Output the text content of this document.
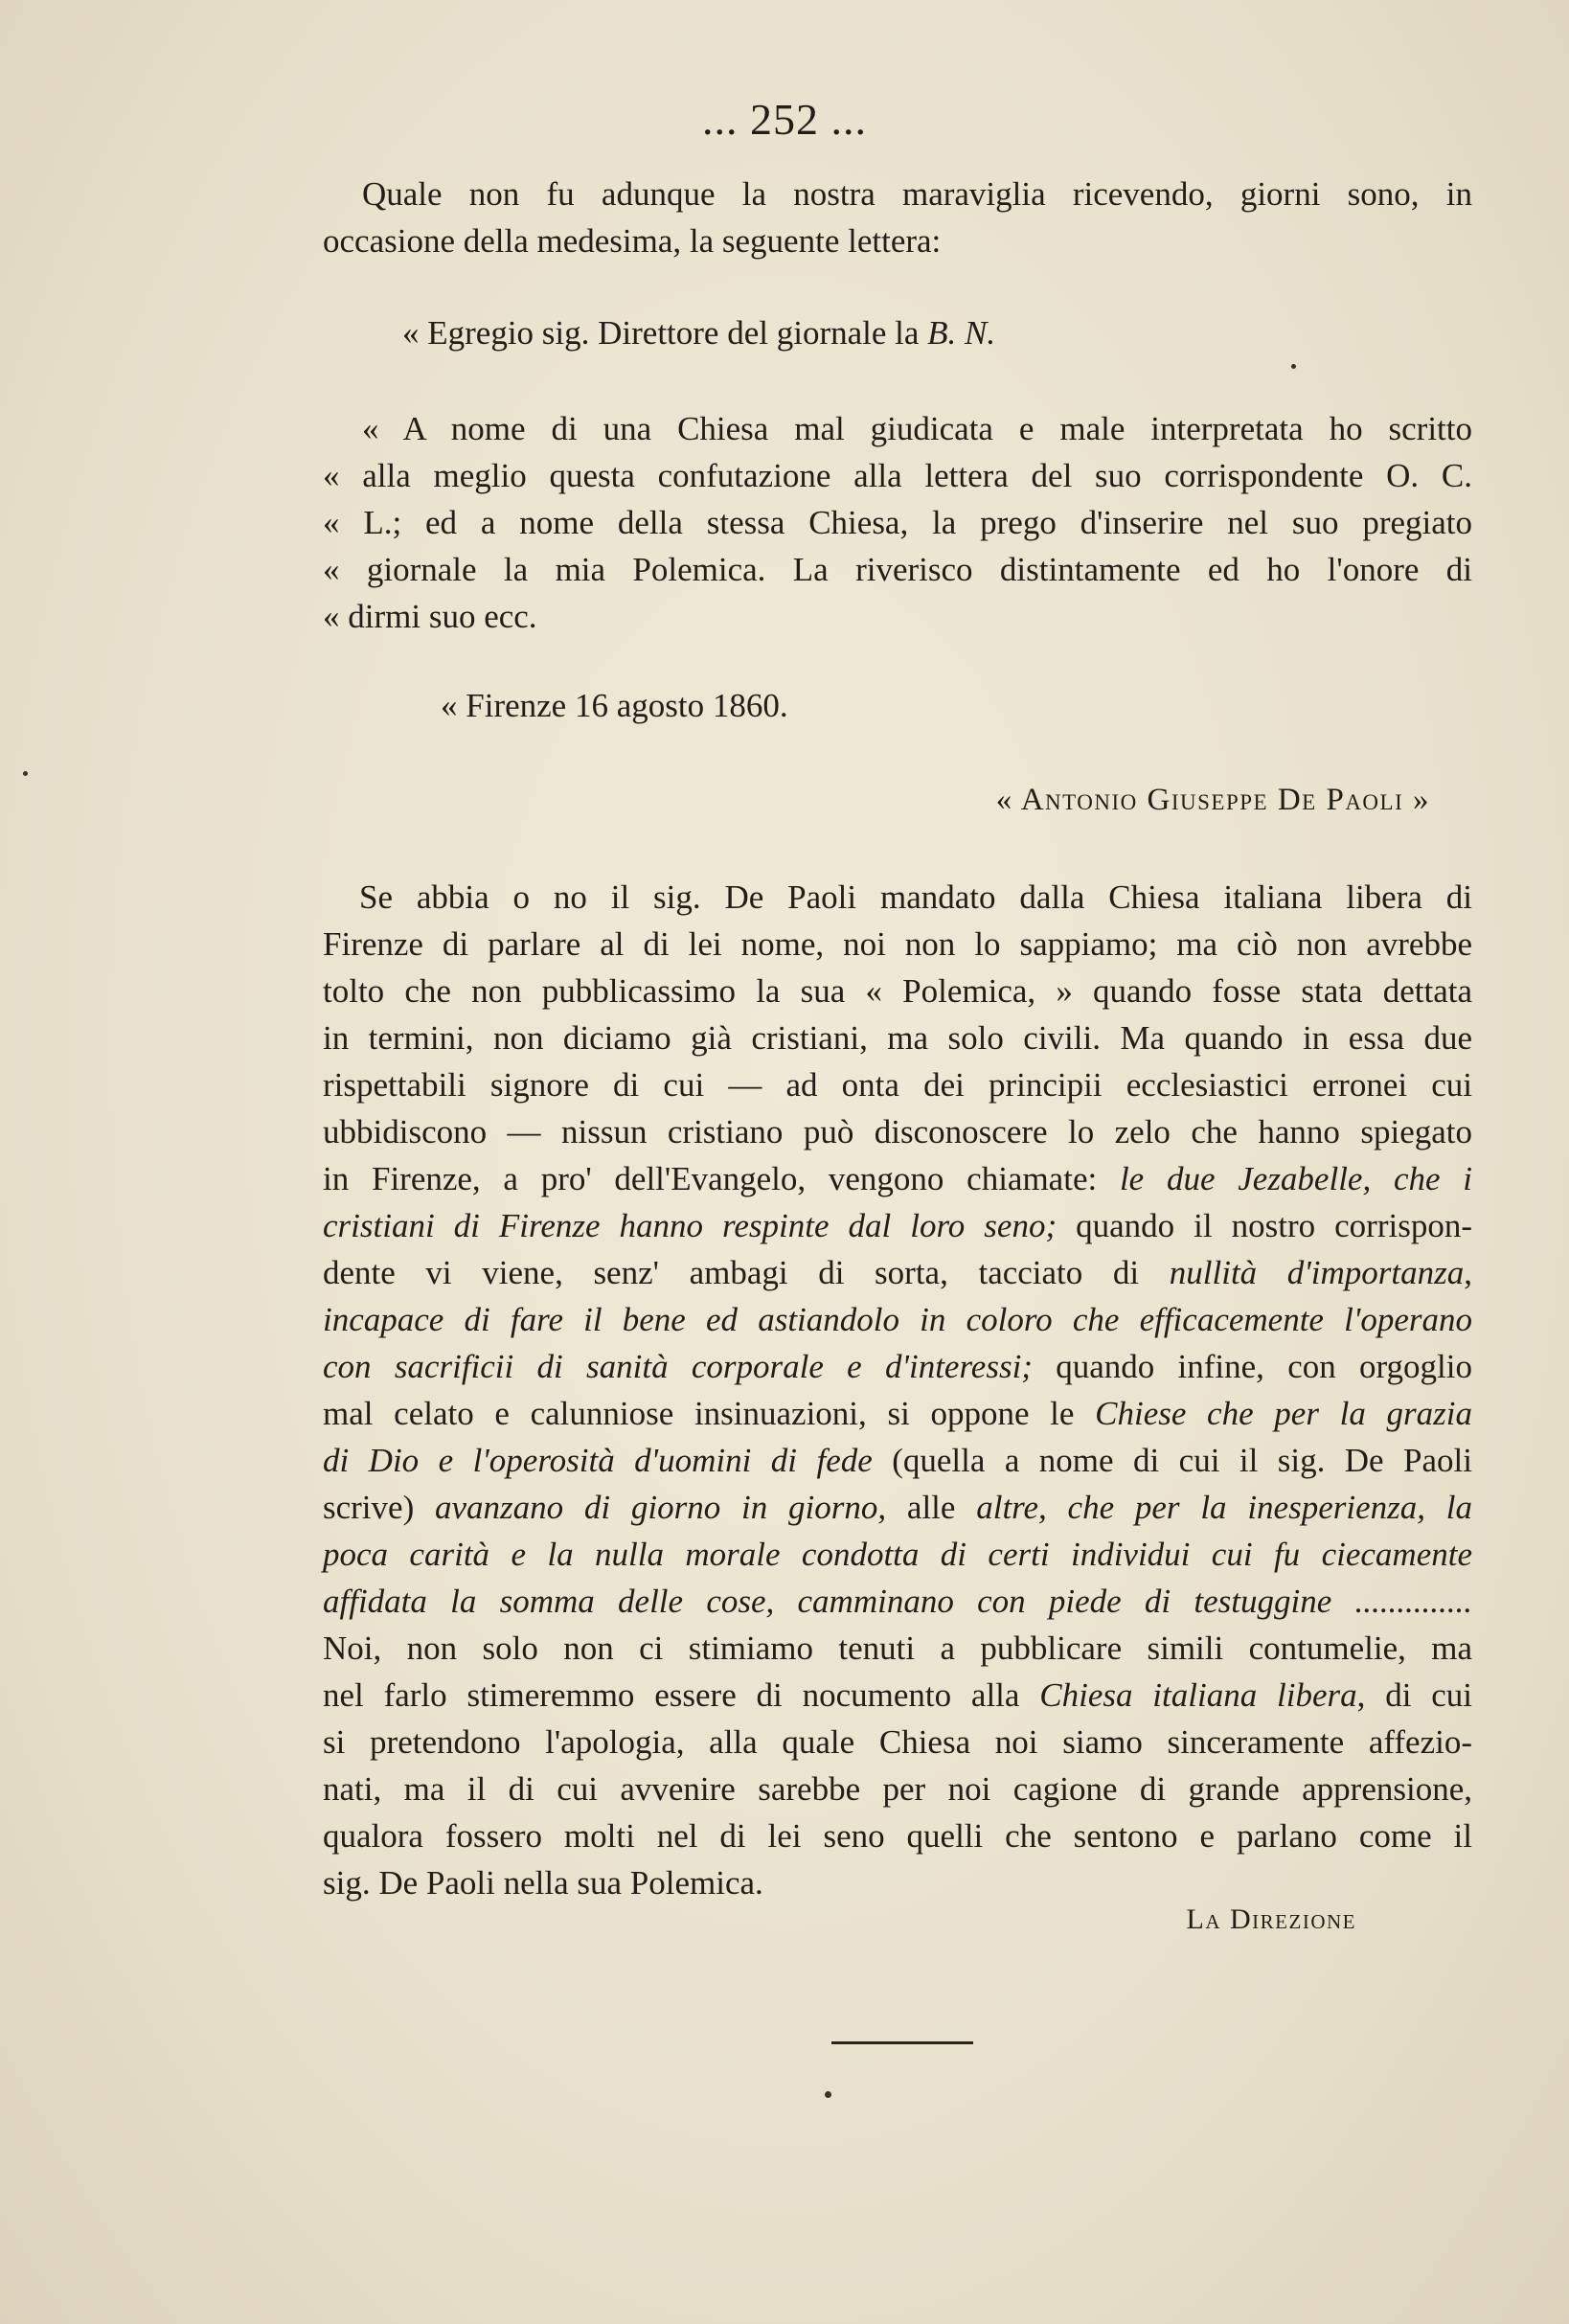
... 252 ...
Quale non fu adunque la nostra maraviglia ricevendo, giorni sono, in
occasione della medesima, la seguente lettera:
« Egregio sig. Direttore del giornale la B. N.
« A nome di una Chiesa mal giudicata e male interpretata ho scritto
« alla meglio questa confutazione alla lettera del suo corrispondente O. C.
« L.; ed a nome della stessa Chiesa, la prego d'inserire nel suo pregiato
« giornale la mia Polemica. La riverisco distintamente ed ho l'onore di
« dirmi suo ecc.
« Firenze 16 agosto 1860.
« Antonio Giuseppe De Paoli »
Se abbia o no il sig. De Paoli mandato dalla Chiesa italiana libera di
Firenze di parlare al di lei nome, noi non lo sappiamo; ma ciò non avrebbe
tolto che non pubblicassimo la sua « Polemica, » quando fosse stata dettata
in termini, non diciamo già cristiani, ma solo civili. Ma quando in essa due
rispettabili signore di cui — ad onta dei principii ecclesiastici erronei cui
ubbidiscono — nissun cristiano può disconoscere lo zelo che hanno spiegato
in Firenze, a pro' dell'Evangelo, vengono chiamate: le due Jezabelle, che i
cristiani di Firenze hanno respinte dal loro seno; quando il nostro corrispon-
dente vi viene, senz' ambagi di sorta, tacciato di nullità d'importanza,
incapace di fare il bene ed astiandolo in coloro che efficacemente l'operano
con sacrificii di sanità corporale e d'interessi; quando infine, con orgoglio
mal celato e calunniose insinuazioni, si oppone le Chiese che per la grazia
di Dio e l'operosità d'uomini di fede (quella a nome di cui il sig. De Paoli
scrive) avanzano di giorno in giorno, alle altre, che per la inesperienza, la
poca carità e la nulla morale condotta di certi individui cui fu ciecamente
affidata la somma delle cose, camminano con piede di testuggine ..............
Noi, non solo non ci stimiamo tenuti a pubblicare simili contumelie, ma
nel farlo stimeremmo essere di nocumento alla Chiesa italiana libera, di cui
si pretendono l'apologia, alla quale Chiesa noi siamo sinceramente affezio-
nati, ma il di cui avvenire sarebbe per noi cagione di grande apprensione,
qualora fossero molti nel di lei seno quelli che sentono e parlano come il
sig. De Paoli nella sua Polemica.
La Direzione
